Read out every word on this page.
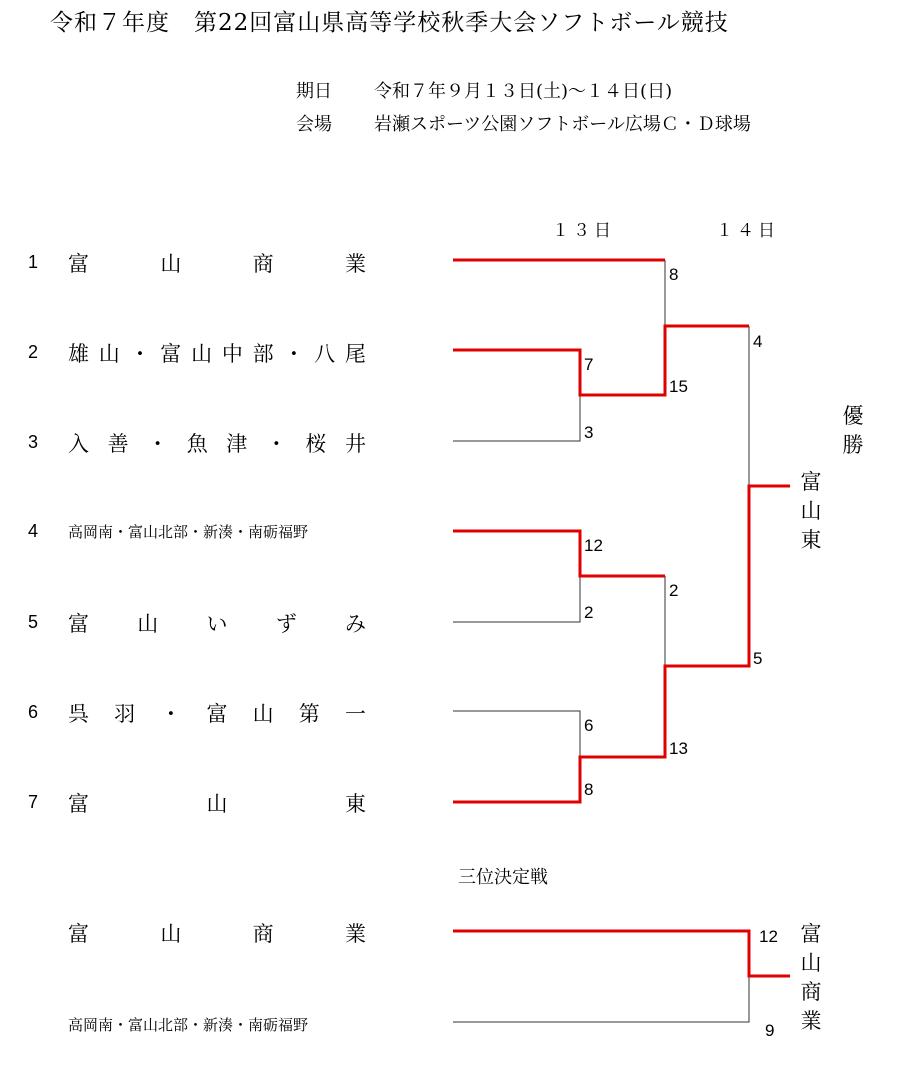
令和７年度　第22回富山県高等学校秋季大会ソフトボール競技
期日 令和７年９月１３日(土)～１４日(日)
会場 岩瀬スポーツ公園ソフトボール広場Ｃ・Ｄ球場
１３日	１４日
1
2
3
4
5
6
7
富	山	商	業
雄 山 ・ 富 山 中 部 ・ 八 尾
入 善 ・ 魚 津 ・ 桜 井
高岡南・富山北部・新湊・南砺福野
富 山 い ず み
呉 羽 ・ 富 山 第 一
富	山	東
7
3
12
2
6
8
8
15
2
13
4
5
優
勝
富
山
東
三位決定戦
富	山	商	業
高岡南・富山北部・新湊・南砺福野
12
9
富
山
商
業
